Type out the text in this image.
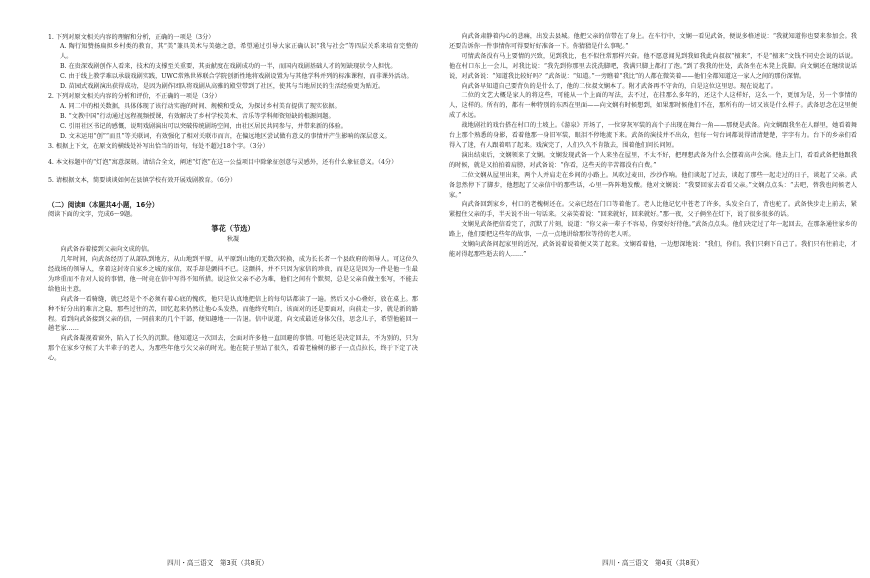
1. 下列对原文相关内容的理解和分析，正确的一项是（3分）

A. 陶行知赞扬扁担乡村类的教育，其“美”兼具美术与美德之意，希望通过引导大家正确认识“我与社会”等四层关系来培育完整的人。

B. 在贵深戏剧创作人看来，技术的支撑至关重要，其贡献度在戏剧成功的一半，而国内戏剧基础人才的短缺现状令人担忧。

C. 由于线上教学难以承载戏剧实践，UWC常熟世界联合学院创新性地将戏剧设置为与其他学科并列的标准课程，而非课外活动。

D. 苗园式戏剧演出获得成功，是因为剧作团队将戏剧从高雅的殿堂带到了社区，使其与当地居民的生活经验更为贴近。

2. 下列对原文相关内容的分析和评价，不正确的一项是（3分）

A. 同二中的相关数据，具体体现了该行动实施的时间、规模和受众，为探讨乡村美育提供了现实依据。

B. “文教中国”行动通过远程视频授课，有效解决了乡村学校美术、音乐等学科师资短缺的根源问题。

C. 引用社区书记的感慨，说明戏剧演出可以突破传统剧场空间，由社区居民共同参与，并带来新的体验。

D. 文末运用“创”“而且”等关联词，有效强化了相对关联市而言，在偏远地区尝试做有意义的事情并产生影响的深层意义。

3. 根据上下文，在原文的横线处补写出恰当的语句，每处不超过18个字。（3分）

4. 本文标题中的“灯泡”寓意深刻。请结合全文，阐述“灯泡”在这一公益项目中除象征创意与灵感外，还有什么象征意义。（4分）

5. 请根据文本，简要谈谈如何在县镇学校有效开展戏剧教育。（6分）

（二）阅读Ⅱ（本题共4小题，16分）
阅读下面的文字，完成6～9题。
箏花（节选）
秋凝

向武备吞着接到父亲向文成的信。

几年时间，向武备经历了从部队到地方，从山地到平原，从平原到山地的无数次转换，成为长长者一个县政府的领导人。可这位久经战场的领导人，拿着这封寄自家乡之城的家信，双手却是颤抖不已。这颤抖，并不只因为家信的珍贵，而是这是因为一件是他一生最为珍重而不肯对人说的事情，他一时竟在信中写得不知所措。说这位父亲不必为难，他们之间有个默契，总是父亲自做主张写，不能去给他出主意。

向武备一看骑缝，就已经是个不必须有着心底的愧疚，他只是认真地把信上的每句话都读了一遍。然后又小心叠好，放在桌上。那种不好分出的难言之隐，那些过往的苦，回忆起来仍然让他心头发热，而他终究明白，该面对的还是要面对，向前走一步，就是新的路程。看到向武备接到父亲的信，一同前来的几个干部，便知趣地一一告退。信中说道，向文成最近身体欠佳，思念儿子，希望他能回一趟老家……

向武备凝视着窗外，陷入了长久的沉默。他知道这一次回去，会面对许多他一直回避的事情。可他还是决定回去，不为别的，只为那个在家乡守候了大半辈子的老人，为那些年他亏欠父亲的时光。他在院子里站了很久，看着老榆树的影子一点点拉长，终于下定了决心。

四川・高三语文　第3页（共8页）

向武备肃静着内心的悲痛，出发去县城。他把父亲的信带在了身上。在车行中，文娴一看见武备，便说多格述说：“我就知道你也要来参加会。我还要告诉你一件事情你可得要好好准备一下。你猜猜是什么事呢。”

可情武备没有马上要情的兴致，见到我比，也不似往常那样兴奋。他不愿意闻见到我如我此向叔叔“擅来”，不是“擅来”文钱不同史会说的话说。他在村口东上一会儿，对我比说：“我先到你那里去洗洗脚吧，我满只脚上都打了泡。”到了我我的住处，武备坐在木凳上洗脚。向文娴还在继续说话说，对武备说：“知道我比较好吗？”武备说：“知道。”一旁瞧着“我比”的人都在微笑着——他们全都知道这一家人之间的那份深情。

向武备早知道自己要背负的是什么了，他的二位叔文娴本了。附才武备再不守舍的，自是这位这里思。现在说起了。

二位的文艺大概是家人的将这些，可能从一个上面的写法，去不过，在挂那么多年的，还这个人这样好，这么一个，更加为是，另一个事情的人，这样的。所有的，都有一种特别的东西在里面——向文娴有时候想到，如果那时候他们不在，那所有的一切又该是什么样子。武备思念在这里便成了永远。

战地剧社的戏台搭在村口的土坡上。《游泉》开场了，一位穿灰军装的高个子出现在舞台一角——那便是武备。向文娴跟我坐在人群里，她看着舞台上那个熟悉的身影，看着他那一身旧军装，眼泪不停地流下来。武备的演技并不出众，但每一句台词都说得清清楚楚，字字有力。台下的乡亲们看得入了迷，有人跟着唱了起来。戏演完了，人们久久不肯散去，围着他们问长问短。

演出结束后，文娴领来了文娴。文娴发现武备一个人来坐在屋里，不太不好，把理想武备为什么会摆着高声会演。他去上门，看看武备把他跟我的时候，就是又拍拍着肩膀，对武备说：“你看，这些天的辛苦都没有白费。”

二位文娴从屋里出来，两个人并肩走在乡间的小路上。风吹过麦田，沙沙作响。他们谈起了过去，谈起了那些一起走过的日子，谈起了父亲。武备忽然停下了脚步，他想起了父亲信中的那些话，心里一阵阵地发酸。他对文娴说：“我要回家去看看父亲。”文娴点点头：“去吧，替我也问候老人家。”

向武备回到家乡，村口的老槐树还在。父亲已经在门口等着他了。老人比他记忆中苍老了许多，头发全白了，背也驼了。武备快步走上前去，紧紧握住父亲的手，半天说不出一句话来。父亲笑着说：“回来就好，回来就好。”那一夜，父子俩坐在灯下，说了很多很多的话。

文娴见武备把信看完了，沉默了片刻，说道：“你父亲一辈子不容易，你要好好待他。”武备点点头。他们决定过了年一起回去，在那条通往家乡的路上，他们要把这些年的故事，一点一点地讲给那位等待的老人听。

文娴向武备问起家里的近况，武备说着说着便又笑了起来。文娴看着他，一边想深地说：“我们，你们。我们只剩下自己了。我们只有往前走，才能对得起那些逝去的人……”

四川・高三语文　第4页（共8页）
